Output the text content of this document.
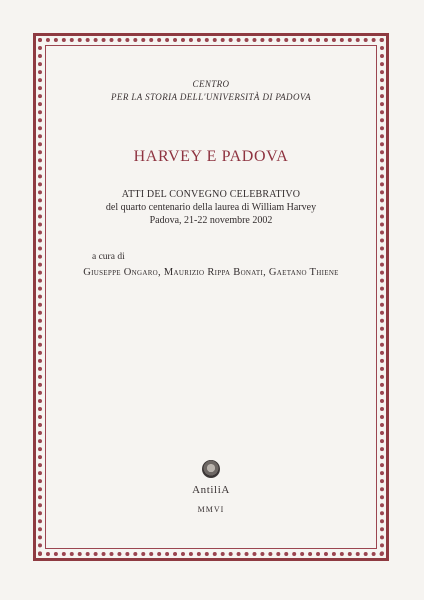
CENTRO
PER LA STORIA DELL'UNIVERSITÀ DI PADOVA
HARVEY E PADOVA
ATTI DEL CONVEGNO CELEBRATIVO
del quarto centenario della laurea di William Harvey
Padova, 21-22 novembre 2002
a cura di
Giuseppe Ongaro, Maurizio Rippa Bonati, Gaetano Thiene
AntiliA
MMVI
